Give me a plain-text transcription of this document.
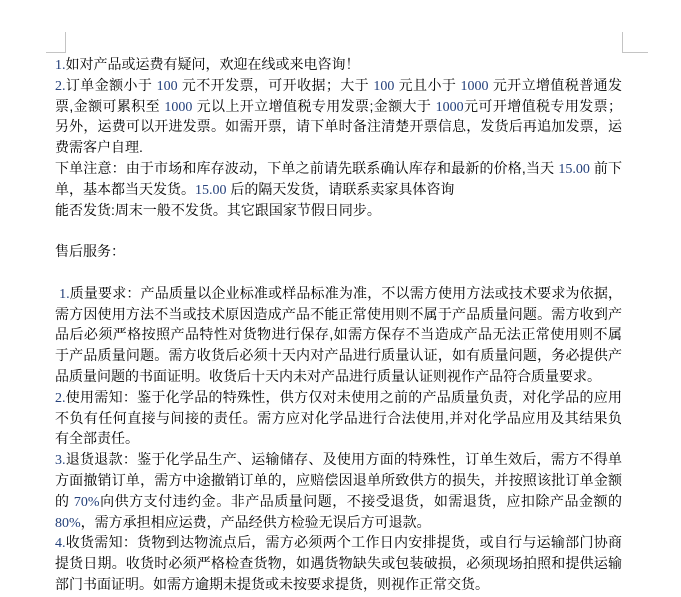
1.如对产品或运费有疑问，欢迎在线或来电咨询！
2.订单金额小于 100 元不开发票，可开收据；大于 100 元且小于 1000 元开立增值税普通发
票,金额可累积至 1000 元以上开立增值税专用发票;金额大于 1000元可开增值税专用发票；
另外，运费可以开进发票。如需开票，请下单时备注清楚开票信息，发货后再追加发票，运
费需客户自理.
下单注意：由于市场和库存波动，下单之前请先联系确认库存和最新的价格,当天 15.00 前下
单，基本都当天发货。15.00 后的隔天发货，请联系卖家具体咨询
能否发货:周末一般不发货。其它跟国家节假日同步。
售后服务：
1.质量要求：产品质量以企业标准或样品标准为准，不以需方使用方法或技术要求为依据，
需方因使用方法不当或技术原因造成产品不能正常使用则不属于产品质量问题。需方收到产
品后必须严格按照产品特性对货物进行保存,如需方保存不当造成产品无法正常使用则不属
于产品质量问题。需方收货后必须十天内对产品进行质量认证，如有质量问题，务必提供产
品质量问题的书面证明。收货后十天内未对产品进行质量认证则视作产品符合质量要求。
2.使用需知：鉴于化学品的特殊性，供方仅对未使用之前的产品质量负责，对化学品的应用
不负有任何直接与间接的责任。需方应对化学品进行合法使用,并对化学品应用及其结果负
有全部责任。
3.退货退款：鉴于化学品生产、运输储存、及使用方面的特殊性，订单生效后，需方不得单
方面撤销订单，需方中途撤销订单的，应赔偿因退单所致供方的损失，并按照该批订单金额
的 70%向供方支付违约金。非产品质量问题，不接受退货，如需退货，应扣除产品金额的
80%，需方承担相应运费，产品经供方检验无误后方可退款。
4.收货需知：货物到达物流点后，需方必须两个工作日内安排提货，或自行与运输部门协商
提货日期。收货时必须严格检查货物，如遇货物缺失或包装破损，必须现场拍照和提供运输
部门书面证明。如需方逾期未提货或未按要求提货，则视作正常交货。
